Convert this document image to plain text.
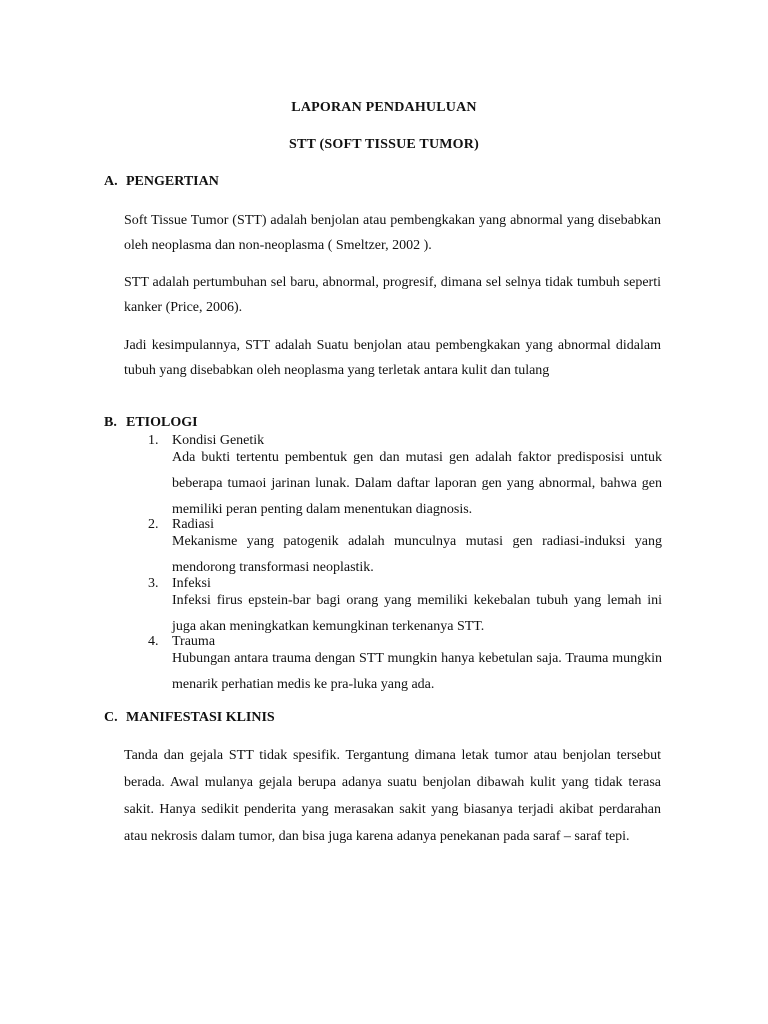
LAPORAN PENDAHULUAN
STT (SOFT TISSUE TUMOR)
A. PENGERTIAN

Soft Tissue Tumor (STT) adalah benjolan atau pembengkakan yang abnormal yang disebabkan oleh neoplasma dan non-neoplasma ( Smeltzer, 2002 ).

STT adalah pertumbuhan sel baru, abnormal, progresif, dimana sel selnya tidak tumbuh seperti kanker (Price, 2006).

Jadi kesimpulannya, STT adalah Suatu benjolan atau pembengkakan yang abnormal didalam tubuh yang disebabkan oleh neoplasma yang terletak antara kulit dan tulang

B. ETIOLOGI
1. Kondisi Genetik

Ada bukti tertentu pembentuk gen dan mutasi gen adalah faktor predisposisi untuk beberapa tumaoi jarinan lunak. Dalam daftar laporan gen yang abnormal, bahwa gen memiliki peran penting dalam menentukan diagnosis.

2. Radiasi

Mekanisme yang patogenik adalah munculnya mutasi gen radiasi-induksi yang mendorong transformasi neoplastik.

3. Infeksi

Infeksi firus epstein-bar bagi orang yang memiliki kekebalan tubuh yang lemah ini juga akan meningkatkan kemungkinan terkenanya STT.

4. Trauma

Hubungan antara trauma dengan STT mungkin hanya kebetulan saja. Trauma mungkin menarik perhatian medis ke pra-luka yang ada.

C. MANIFESTASI KLINIS

Tanda dan gejala STT tidak spesifik. Tergantung dimana letak tumor atau benjolan tersebut berada. Awal mulanya gejala berupa adanya suatu benjolan dibawah kulit yang tidak terasa sakit. Hanya sedikit penderita yang merasakan sakit yang biasanya terjadi akibat perdarahan atau nekrosis dalam tumor, dan bisa juga karena adanya penekanan pada saraf – saraf tepi.
